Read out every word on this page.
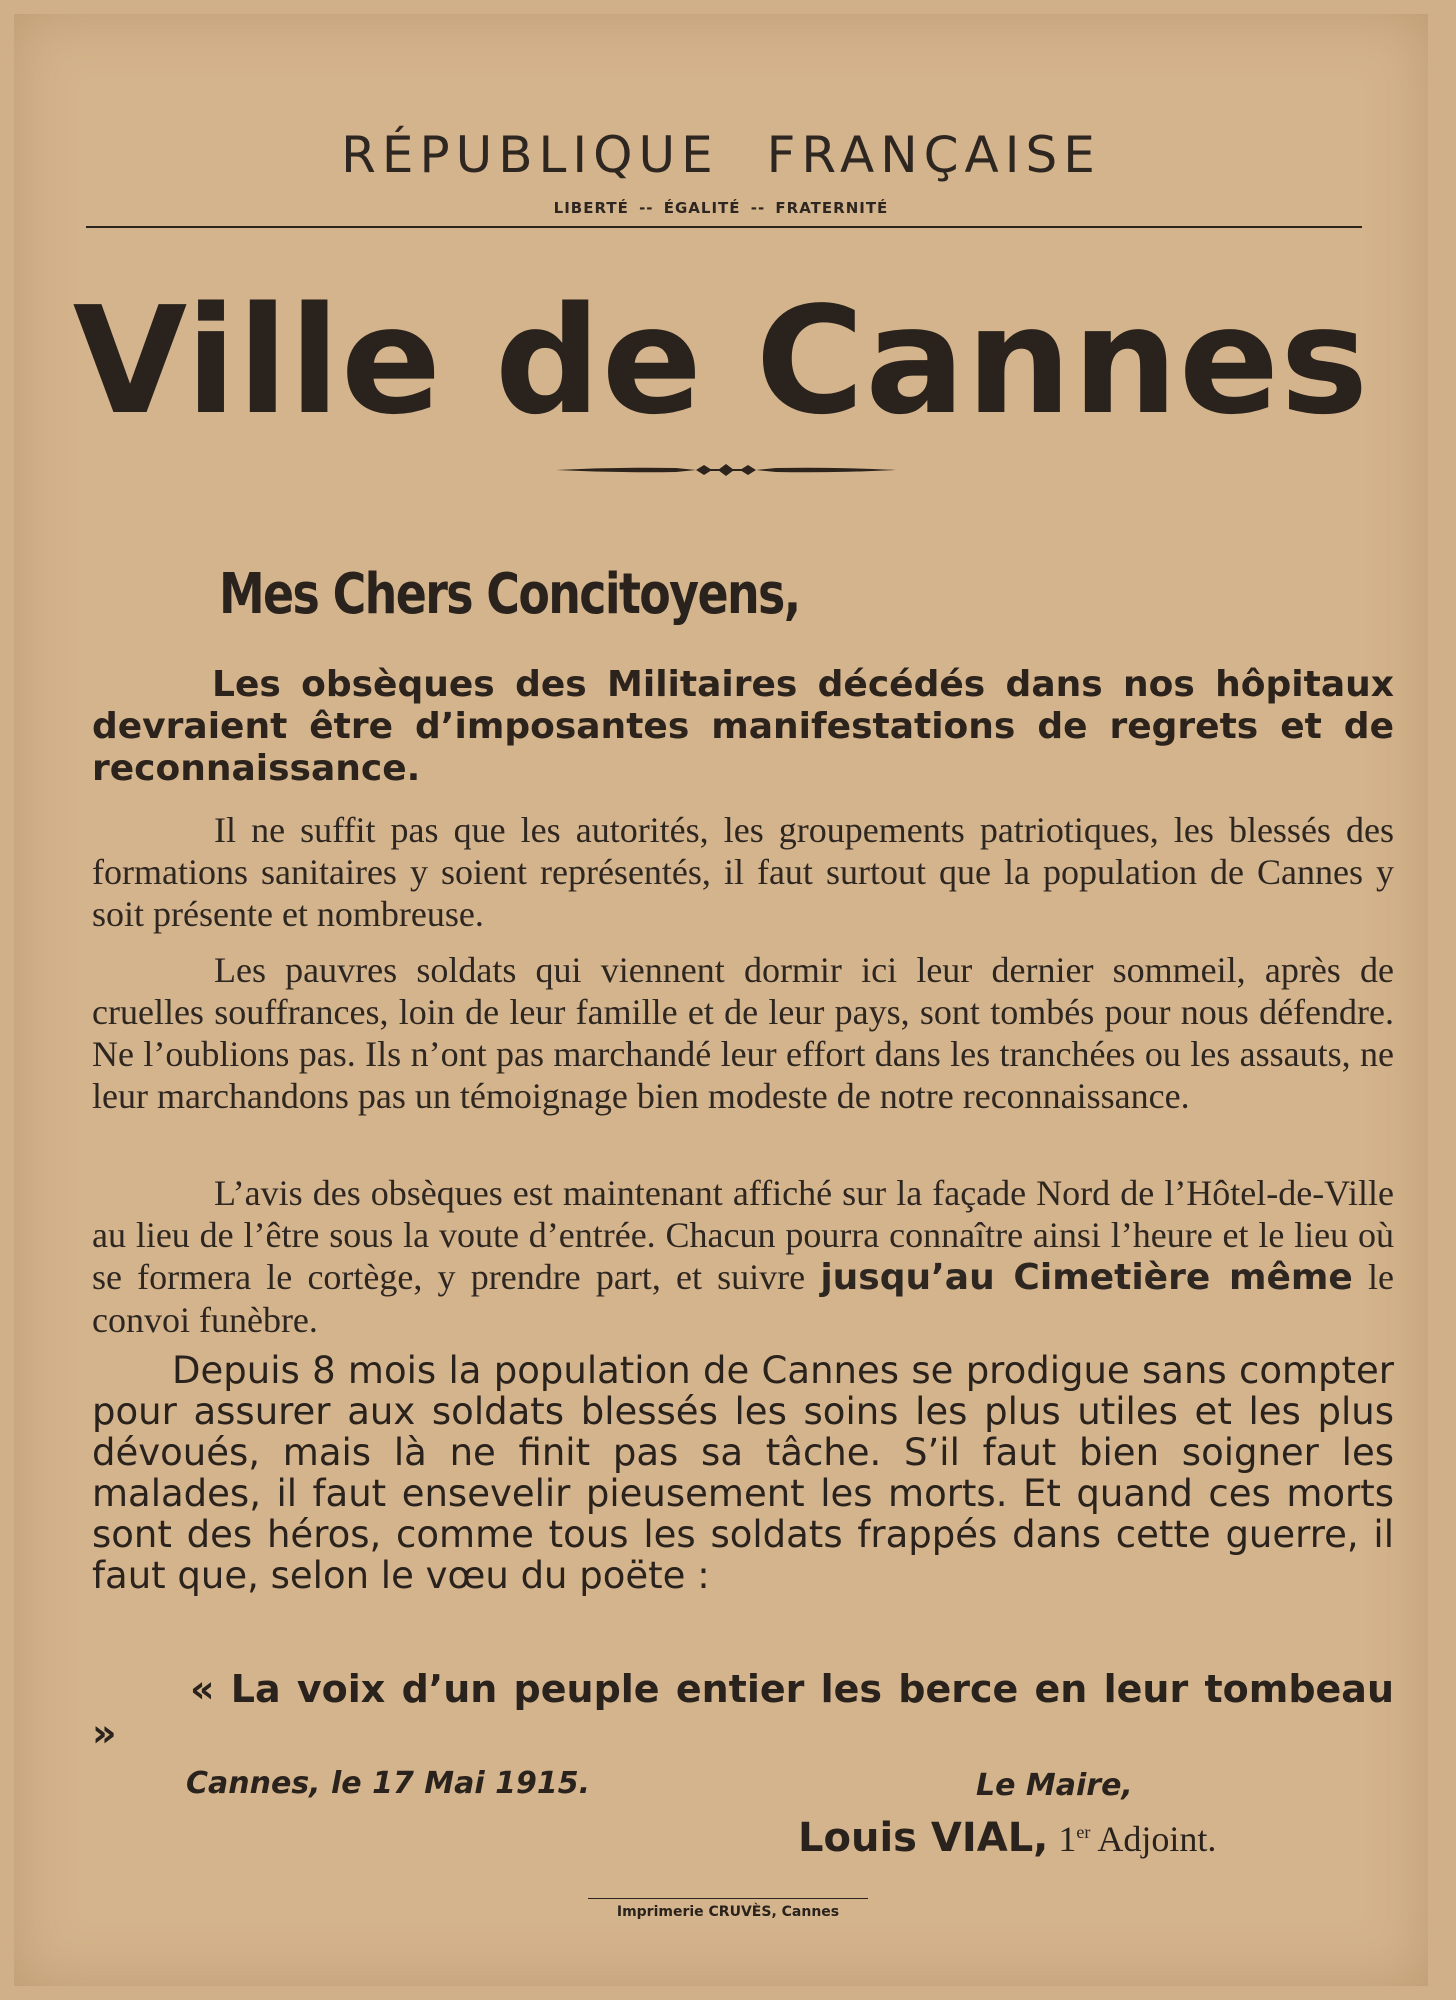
RÉPUBLIQUE FRANÇAISE
LIBERTÉ -- ÉGALITÉ -- FRATERNITÉ
Ville de Cannes
Mes Chers Concitoyens,
Les obsèques des Militaires décédés dans nos hôpitaux devraient être d’imposantes manifestations de regrets et de reconnaissance.
Il ne suffit pas que les autorités, les groupements patriotiques, les blessés des formations sanitaires y soient représentés, il faut surtout que la population de Cannes y soit présente et nombreuse.
Les pauvres soldats qui viennent dormir ici leur dernier sommeil, après de cruelles souffrances, loin de leur famille et de leur pays, sont tombés pour nous défendre. Ne l’oublions pas. Ils n’ont pas marchandé leur effort dans les tranchées ou les assauts, ne leur marchandons pas un témoignage bien modeste de notre reconnaissance.
L’avis des obsèques est maintenant affiché sur la façade Nord de l’Hôtel-de-Ville au lieu de l’être sous la voute d’entrée. Chacun pourra connaître ainsi l’heure et le lieu où se formera le cortège, y prendre part, et suivre jusqu’au Cimetière même le convoi funèbre.
Depuis 8 mois la population de Cannes se prodigue sans compter pour assurer aux soldats blessés les soins les plus utiles et les plus dévoués, mais là ne finit pas sa tâche. S’il faut bien soigner les malades, il faut ensevelir pieusement les morts. Et quand ces morts sont des héros, comme tous les soldats frappés dans cette guerre, il faut que, selon le vœu du poëte :
« La voix d’un peuple entier les berce en leur tombeau »
Cannes, le 17 Mai 1915.	Le Maire,
Louis VIAL, 1er Adjoint.
Imprimerie CRUVÈS, Cannes
